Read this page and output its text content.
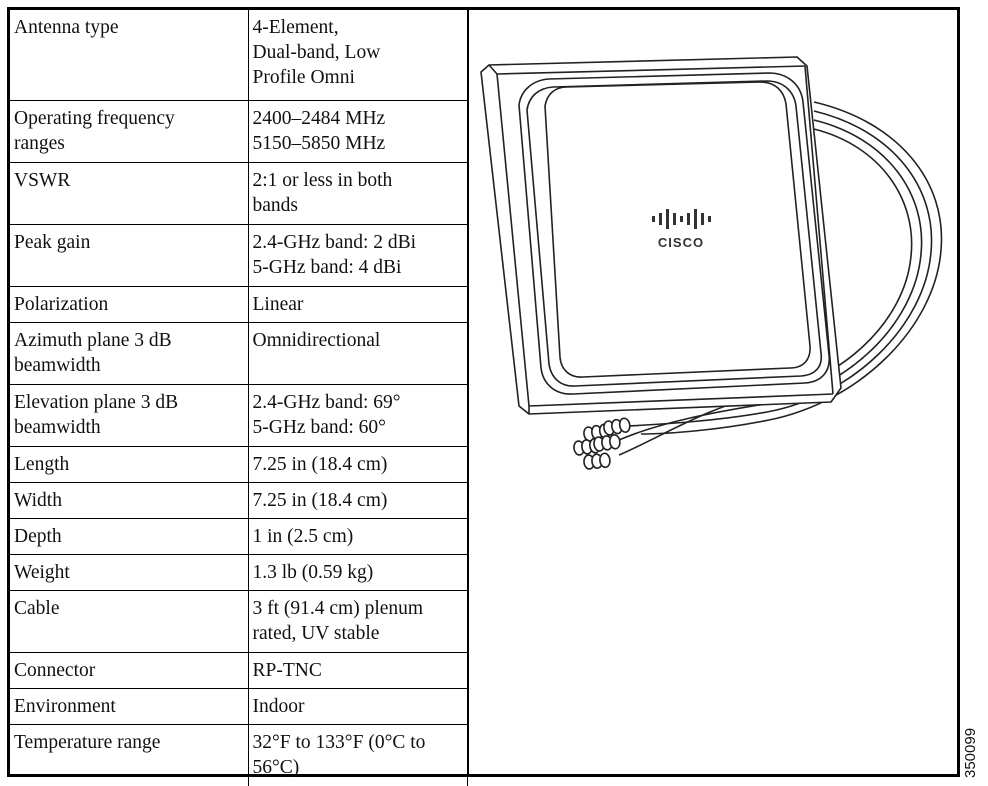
Antenna type	4-Element,
Dual-band, Low
Profile Omni
Operating frequency
ranges	2400–2484 MHz
5150–5850 MHz
VSWR	2:1 or less in both
bands
Peak gain	2.4-GHz band: 2 dBi
5-GHz band: 4 dBi
Polarization	Linear
Azimuth plane 3 dB
beamwidth	Omnidirectional
Elevation plane 3 dB
beamwidth	2.4-GHz band: 69°
5-GHz band: 60°
Length	7.25 in (18.4 cm)
Width	7.25 in (18.4 cm)
Depth	1 in (2.5 cm)
Weight	1.3 lb (0.59 kg)
Cable	3 ft (91.4 cm) plenum
rated, UV stable
Connector	RP-TNC
Environment	Indoor
Temperature range	32°F to 133°F (0°C to
56°C)
CISCO
350099
